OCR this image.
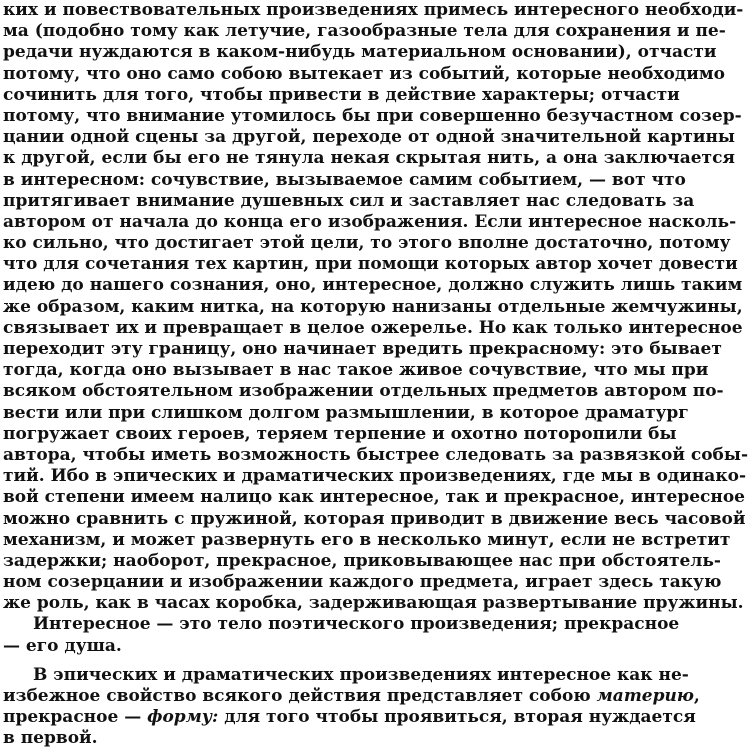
ких и повествовательных произведениях примесь интересного необходи-
ма (подобно тому как летучие, газообразные тела для сохранения и пе-
редачи нуждаются в каком-нибудь материальном основании), отчасти
потому, что оно само собою вытекает из событий, которые необходимо
сочинить для того, чтобы привести в действие характеры; отчасти
потому, что внимание утомилось бы при совершенно безучастном созер-
цании одной сцены за другой, переходе от одной значительной картины
к другой, если бы его не тянула некая скрытая нить, а она заключается
в интересном: сочувствие, вызываемое самим событием, — вот что
притягивает внимание душевных сил и заставляет нас следовать за
автором от начала до конца его изображения. Если интересное насколь-
ко сильно, что достигает этой цели, то этого вполне достаточно, потому
что для сочетания тех картин, при помощи которых автор хочет довести
идею до нашего сознания, оно, интересное, должно служить лишь таким
же образом, каким нитка, на которую нанизаны отдельные жемчужины,
связывает их и превращает в целое ожерелье. Но как только интересное
переходит эту границу, оно начинает вредить прекрасному: это бывает
тогда, когда оно вызывает в нас такое живое сочувствие, что мы при
всяком обстоятельном изображении отдельных предметов автором по-
вести или при слишком долгом размышлении, в которое драматург
погружает своих героев, теряем терпение и охотно поторопили бы
автора, чтобы иметь возможность быстрее следовать за развязкой собы-
тий. Ибо в эпических и драматических произведениях, где мы в одинако-
вой степени имеем налицо как интересное, так и прекрасное, интересное
можно сравнить с пружиной, которая приводит в движение весь часовой
механизм, и может развернуть его в несколько минут, если не встретит
задержки; наоборот, прекрасное, приковывающее нас при обстоятель-
ном созерцании и изображении каждого предмета, играет здесь такую
же роль, как в часах коробка, задерживающая развертывание пружины.
Интересное — это тело поэтического произведения; прекрасное
— его душа.
В эпических и драматических произведениях интересное как не-
избежное свойство всякого действия представляет собою материю,
прекрасное — форму: для того чтобы проявиться, вторая нуждается
в первой.
